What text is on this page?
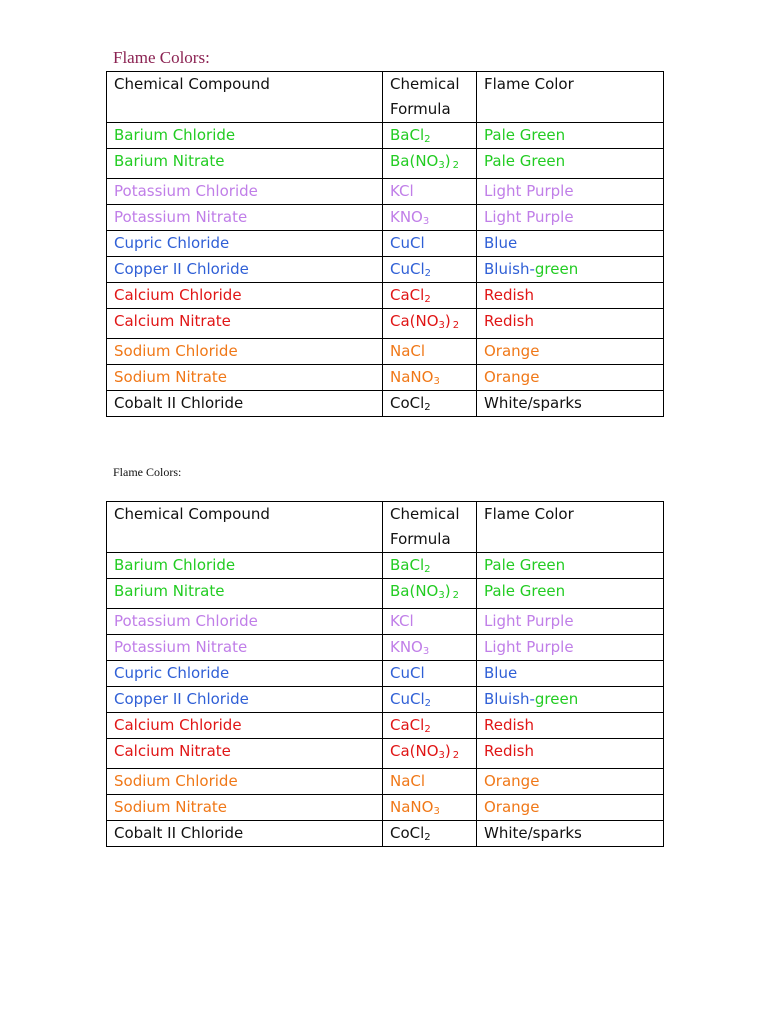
Flame Colors:
Chemical Compound	Chemical Formula	Flame Color
Barium Chloride	BaCl$_2$	Pale Green
Barium Nitrate	$Ba(NO_3)$ 2	Pale Green
Potassium Chloride	KCl	Light Purple
Potassium Nitrate	$KNO_3$	Light Purple
Cupric Chloride	CuCl	Blue
Copper II Chloride	CuCl$_2$	Bluish-green
Calcium Chloride	CaCl$_2$	Redish
Calcium Nitrate	$Ca(NO_3)$ 2	Redish
Sodium Chloride	NaCl	Orange
Sodium Nitrate	NaNO$_3$	Orange
Cobalt II Chloride	CoCl$_2$	White/sparks
Flame Colors:
Chemical Compound	Chemical Formula	Flame Color
Barium Chloride	BaCl$_2$	Pale Green
Barium Nitrate	$Ba(NO_3)$ 2	Pale Green
Potassium Chloride	KCl	Light Purple
Potassium Nitrate	$KNO_3$	Light Purple
Cupric Chloride	CuCl	Blue
Copper II Chloride	CuCl$_2$	Bluish-green
Calcium Chloride	CaCl$_2$	Redish
Calcium Nitrate	$Ca(NO_3)$ 2	Redish
Sodium Chloride	NaCl	Orange
Sodium Nitrate	NaNO$_3$	Orange
Cobalt II Chloride	CoCl$_2$	White/sparks
